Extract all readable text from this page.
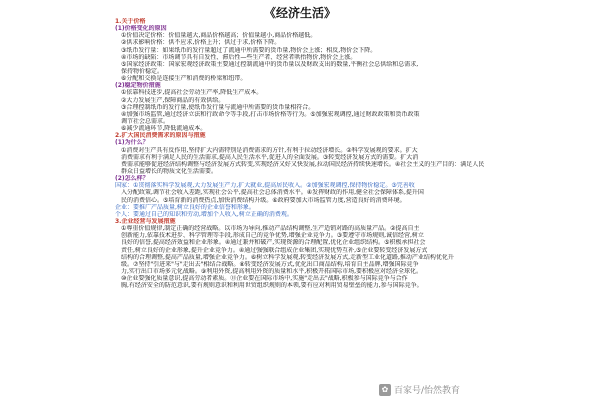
《经济生活》
1.关于价格
(1)价格变化的原因
①价值决定价格：价值量越大,商品价格越高；价值量越小,商品价格越低。
②供求影响价格：供不应求,价格上升；供过于求,价格下降。
③纸币发行量：如果纸币的发行量超过了流通中所需要的货币量,物价会上涨；相反,物价会下降。
④市场的缺陷：市场调节具有自发性、滞后性—些生产者、经营者哄抬物价,物价会上涨。
⑤国家经济政策：国家宏观经济政策主要通过控制流通中的货币量以及财政支出的数量,平衡社会总供给和总需求,
保持物价稳定。
⑥分配和交换是连接生产和消费的桥梁和纽带。
(2)稳定物价措施
①依靠科技进步,提高社会劳动生产率,降低生产成本。
②大力发展生产,保障商品的有效供给。
③合理控制纸币的发行量,使纸币发行量与流通中所需要的货币量相符合。
④加强市场监管,通过经济立法和行政命令等手段,打击市场价格等行为。⑤加强宏观调控,通过财政政策和货币政策
调节社会总需求。
⑥减少流通环节,降低流通成本。
2.扩大国民消费需求的原因与措施
(1)为什么？
①消费对生产具有反作用,坚持扩大内需特别是消费需求的方针,有利于拉动经济增长。②科学发展观的要求。扩大
消费需求有利于满足人民的生活需求,提高人民生活水平,促进人的全面发展。③转变经济发展方式的需要。扩大消
费需求能够促进经济结构调整与经济发展方式转变,实现经济又好又快发展,拉动国民经济持续快速增长。④社会主义的生产目的：满足人民
群众日益增长的物质文化生活需要。
(2)怎么样？
国家：①贯彻落实科学发展观,大力发展生产力,扩大就业,提高居民收入。②加强宏观调控,保持物价稳定。③完善收
入分配政策,调节社会收入差距,实现社会公平,提高社会总体消费水平。④发挥财政的作用,健全社会保障体系,提升国
民的消费信心。⑤培育新的消费热点,加快消费结构升级。⑥政府要加大市场监管力度,营造良好的消费环境。
企业：要推广产品质量,树立良好的企业信誉和形象。
个人：要通过自己的知识和劳动,增加个人收入,树立正确的消费观。
3.企业经营与发展措施
①尊重价值规律,制定正确的经营战略。以市场为导向,推动产品结构调整,生产适销对路的高质量产品。②提高自主
创新能力,依靠技术进步、科学管理等手段,形成自己的竞争优势,增强企业竞争力。③要遵守市场规则,诚信经营,树立
良好的信誉,提高经济效益和企业形象。④通过兼并和破产,实现资源的合理配置,优化企业组织结构。⑤积极承担社会
责任,树立良好的企业形象,提升企业竞争力。④通过强强联合组成企业集团,实现优势互补,⑤企业要转变经济发展方式
结构的合理调整,提高产品质量,增强企业竞争力。⑥树立科学发展观,转变经济发展方式,走新型工业化道路,推动产业结构优化升
级。⑦坚持"引进来"与"走出去"相结合战略。⑧转变经济发展方式,优化出口商品结构,培育自主品牌,增强国际竞争
力,实行出口市场多元化战略。⑨利用外资,提高利用外资的质量和水平,积极开拓国际市场,要积极应对经济全球化。
⑩企业要强化质量意识,提高劳动者素质。⑪企业要在国际市场中,实施"走出去"战略,积极参与国际竞争与合作
胸,有经济安全的防范意识,要有规则意识和利用世贸组织规则的本领,要有应对利用贸易壁垒的能力,参与国际竞争。
✿ 百家号/怡然教育
